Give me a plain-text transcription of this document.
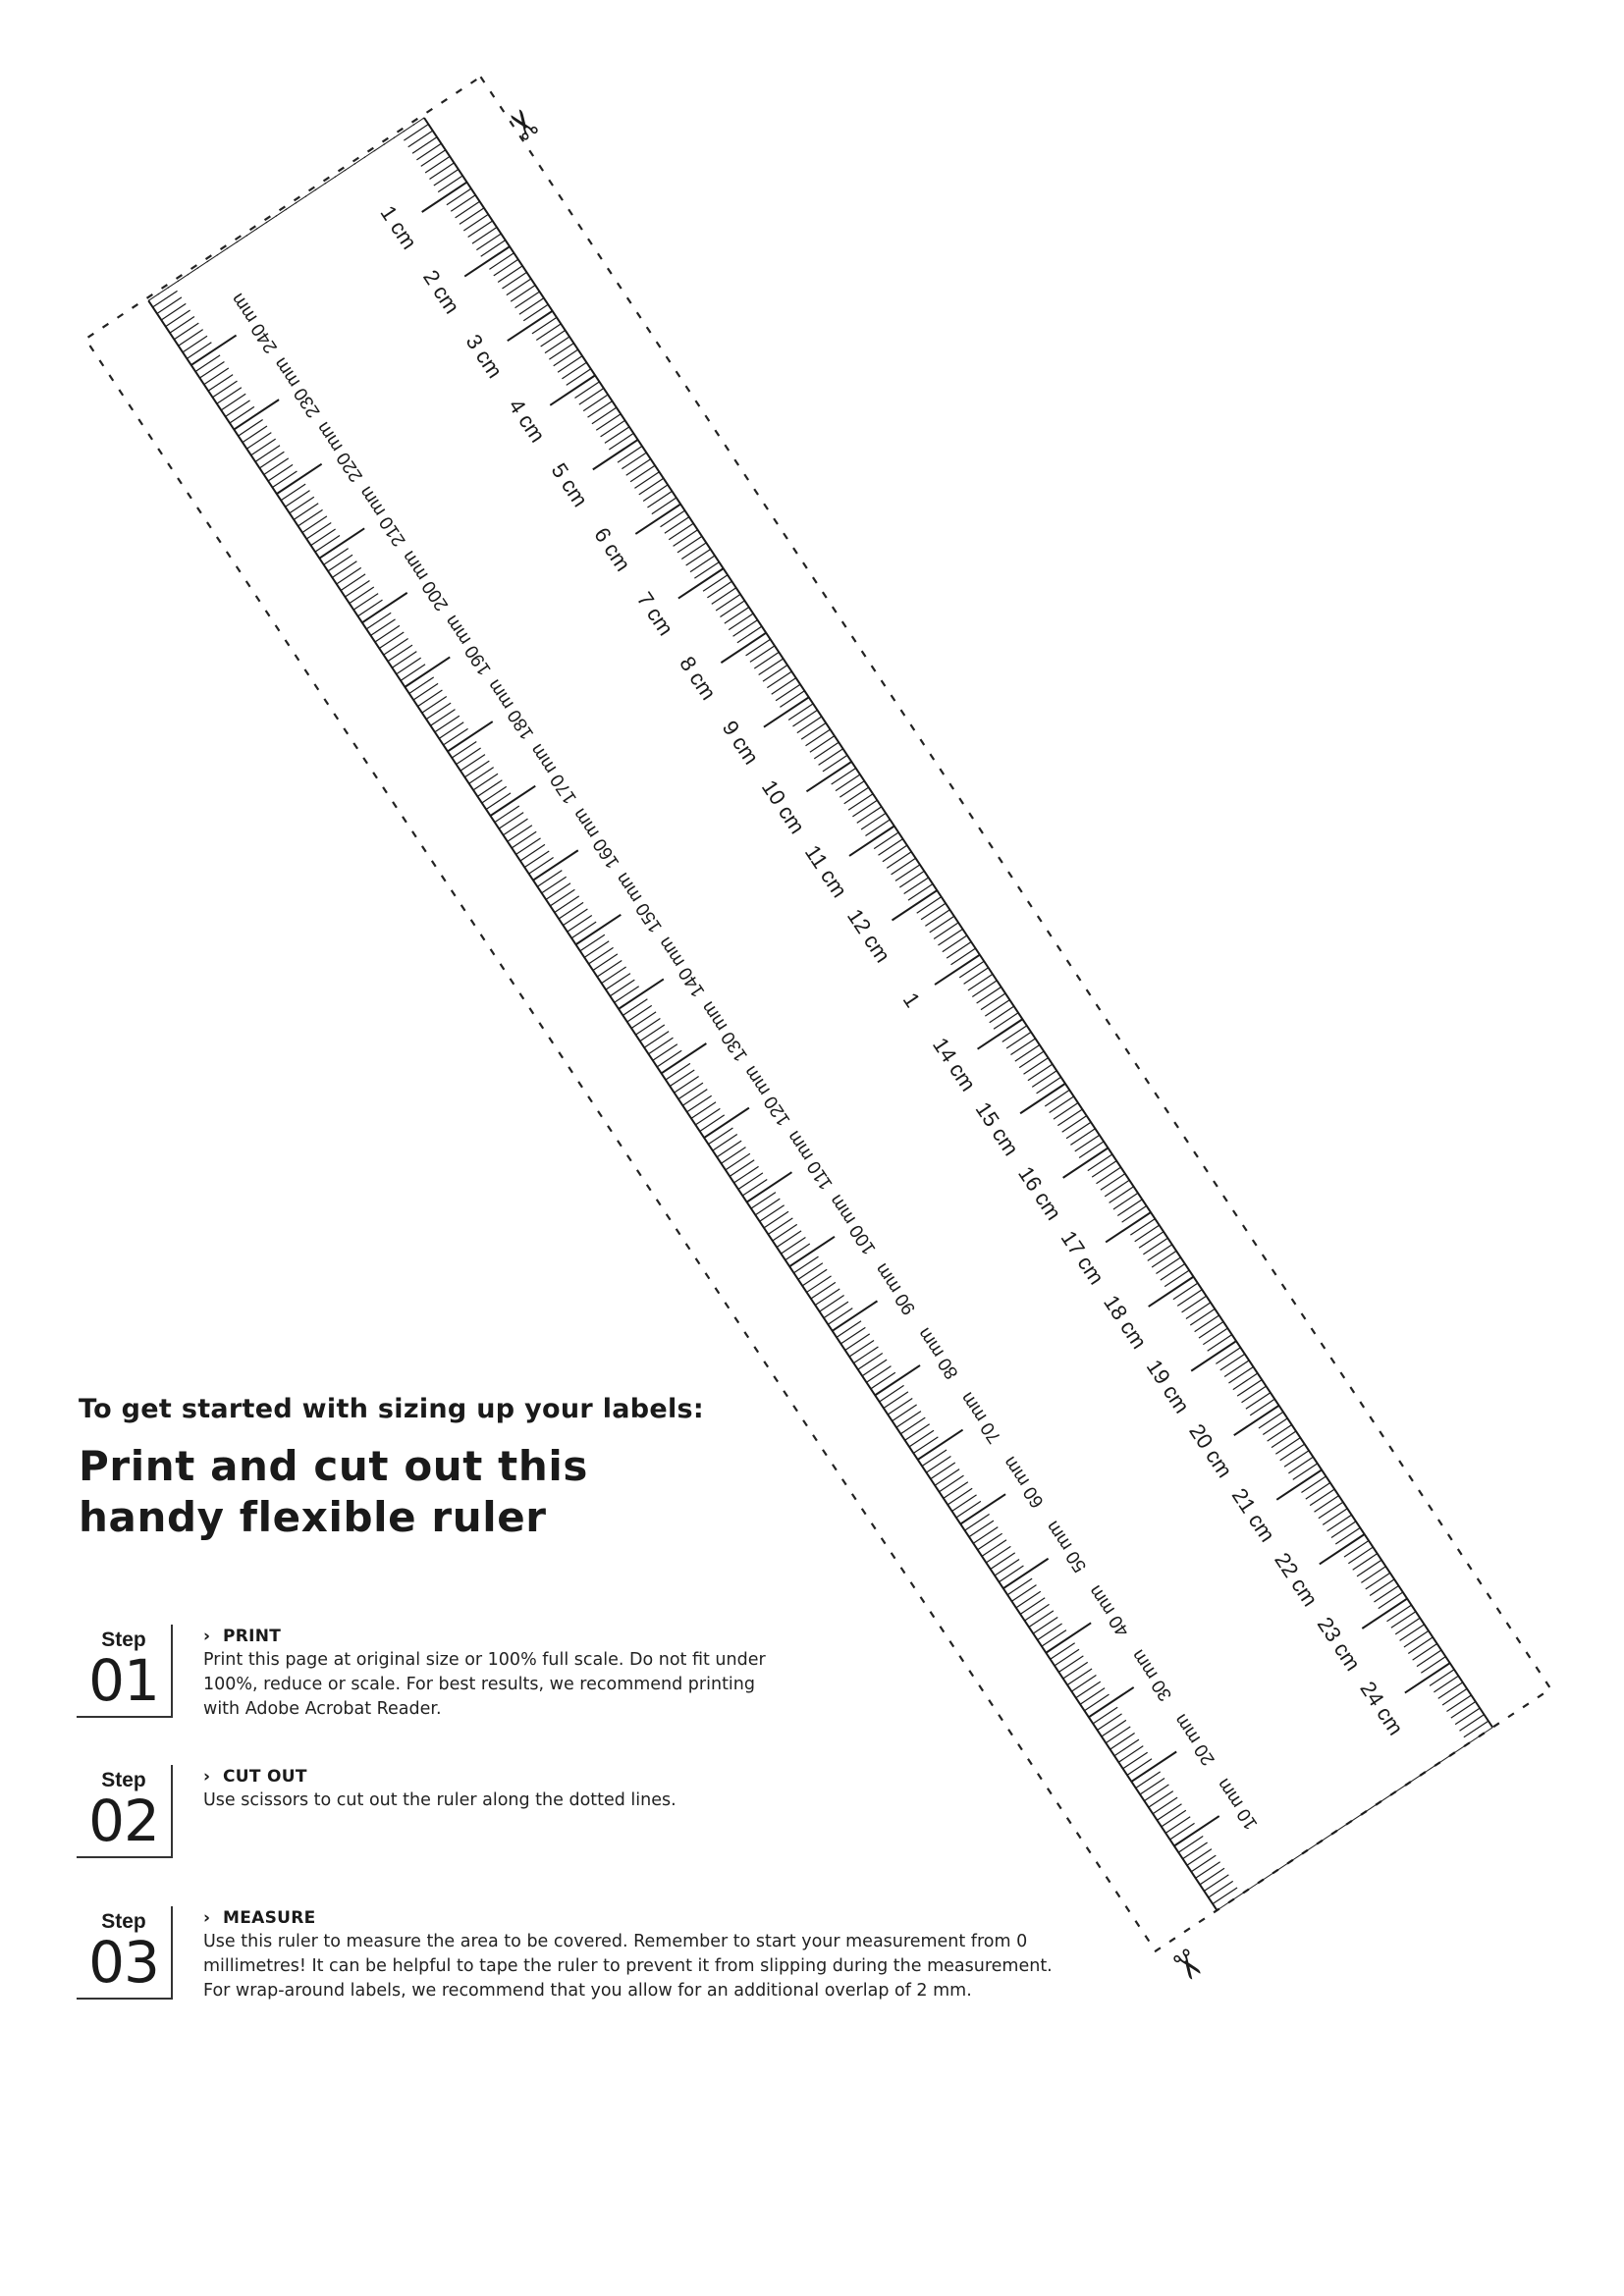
1 cm
2 cm
3 cm
4 cm
5 cm
6 cm
7 cm
8 cm
9 cm
10 cm
11 cm
12 cm
1
14 cm
15 cm
16 cm
17 cm
18 cm
19 cm
20 cm
21 cm
22 cm
23 cm
24 cm
10 mm
20 mm
30 mm
40 mm
50 mm
60 mm
70 mm
80 mm
90 mm
100 mm
110 mm
120 mm
130 mm
140 mm
150 mm
160 mm
170 mm
180 mm
190 mm
200 mm
210 mm
220 mm
230 mm
240 mm
✂
✂

To get started with sizing up your labels:

Print and cut out this handy flexible ruler
Step
01

› PRINT

Print this page at original size or 100% full scale. Do not fit under 100%, reduce or scale. For best results, we recommend printing with Adobe Acrobat Reader.

Step
02

› CUT OUT

Use scissors to cut out the ruler along the dotted lines.

Step
03

› MEASURE

Use this ruler to measure the area to be covered. Remember to start your measurement from 0 millimetres! It can be helpful to tape the ruler to prevent it from slipping during the measurement. For wrap-around labels, we recommend that you allow for an additional overlap of 2 mm.
